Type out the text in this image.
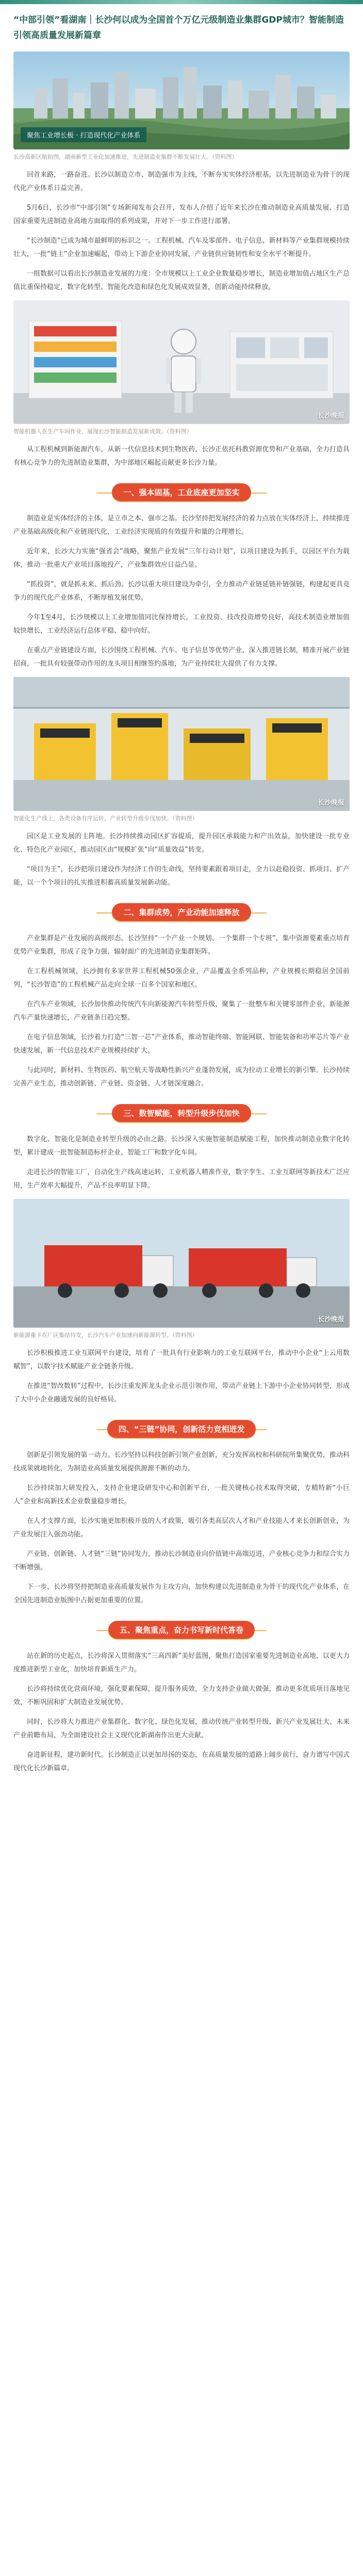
“中部引领”看湖南｜长沙何以成为全国首个万亿元级制造业集群GDP城市？智能制造引领高质量发展新篇章
聚焦工业增长极 · 打造现代化产业体系
长沙高新区航拍图，湖南新型工业化加速推进，先进制造业集群不断发展壮大。（资料图）

回首来路，一路奋进。长沙以制造立市、制造强市为主线，不断夯实实体经济根基，以先进制造业为骨干的现代化产业体系日益完善。

5月6日，长沙市“中部引领”专场新闻发布会召开，发布人介绍了近年来长沙在推动制造业高质量发展、打造国家重要先进制造业高地方面取得的系列成果，并对下一步工作进行部署。

“长沙制造”已成为城市最鲜明的标识之一。工程机械、汽车及零部件、电子信息、新材料等产业集群规模持续壮大，一批“链主”企业加速崛起，带动上下游企业协同发展，产业链供应链韧性和安全水平不断提升。

一组数据可以看出长沙制造业发展的力度：全市规模以上工业企业数量稳步增长，制造业增加值占地区生产总值比重保持稳定，数字化转型、智能化改造和绿色化发展成效显著，创新动能持续释放。

长沙晚报
智能机器人在生产车间作业，展现长沙智能制造发展新成效。（资料图）

从工程机械到新能源汽车，从新一代信息技术到生物医药，长沙正依托科教资源优势和产业基础，全力打造具有核心竞争力的先进制造业集群，为中部地区崛起贡献更多长沙力量。

一、强本固基，工业底座更加坚实

制造业是实体经济的主体，是立市之本、强市之基。长沙坚持把发展经济的着力点放在实体经济上，持续推进产业基础高级化和产业链现代化，工业经济实现质的有效提升和量的合理增长。

近年来，长沙大力实施“强省会”战略，聚焦产业发展“三年行动计划”，以项目建设为抓手，以园区平台为载体，推动一批重大产业项目落地投产，产业集群效应日益凸显。

“抓投资”，就是抓未来、抓后劲。长沙以重大项目建设为牵引，全力推动产业链延链补链强链，构建起更具竞争力的现代化产业体系，不断厚植发展优势。

今年1至4月，长沙规模以上工业增加值同比保持增长，工业投资、技改投资增势良好，高技术制造业增加值较快增长，工业经济运行总体平稳、稳中向好。

在重点产业链建设方面，长沙围绕工程机械、汽车、电子信息等优势产业，深入推进链长制，精准开展产业链招商，一批具有较强带动作用的龙头项目相继签约落地，为产业持续壮大提供了有力支撑。

长沙晚报
智能化生产线上，各类设备有序运转，产业转型升级步伐加快。（资料图）

园区是工业发展的主阵地。长沙持续推动园区扩容提质，提升园区承载能力和产出效益，加快建设一批专业化、特色化产业园区，推动园区由“规模扩张”向“质量效益”转变。

“项目为王”，长沙把项目建设作为经济工作的生命线，坚持要素跟着项目走，全力以赴稳投资、抓项目、扩产能，以一个个项目的扎实推进积蓄高质量发展新动能。

二、集群成势，产业动能加速释放

产业集群是产业发展的高级形态。长沙坚持“一个产业一个规划、一个集群一个专班”，集中资源要素重点培育优势产业集群，形成了竞争力强、辐射面广的先进制造业集群矩阵。

在工程机械领域，长沙拥有多家世界工程机械50强企业，产品覆盖全系列品种，产业规模长期稳居全国前列，“长沙智造”的工程机械产品走向全球一百多个国家和地区。

在汽车产业领域，长沙加快推动传统汽车向新能源汽车转型升级，聚集了一批整车和关键零部件企业，新能源汽车产量快速增长，产业链条日趋完整。

在电子信息领域，长沙着力打造“三智一芯”产业体系，推动智能终端、智能网联、智能装备和功率芯片等产业快速发展，新一代信息技术产业规模持续扩大。

与此同时，新材料、生物医药、航空航天等战略性新兴产业蓬勃发展，成为拉动工业增长的新引擎。长沙持续完善产业生态，推动创新链、产业链、资金链、人才链深度融合。

三、数智赋能，转型升级步伐加快

数字化、智能化是制造业转型升级的必由之路。长沙深入实施智能制造赋能工程，加快推动制造业数字化转型，累计建成一批智能制造标杆企业、智能工厂和数字化车间。

走进长沙的智能工厂，自动化生产线高速运转，工业机器人精准作业，数字孪生、工业互联网等新技术广泛应用，生产效率大幅提升，产品不良率明显下降。

长沙晚报
新能源重卡在厂区集结待发，长沙汽车产业加速向新能源转型。（资料图）

长沙积极推进工业互联网平台建设，培育了一批具有行业影响力的工业互联网平台，推动中小企业“上云用数赋智”，以数字技术赋能产业全链条升级。

在推进“智改数转”过程中，长沙注重发挥龙头企业示范引领作用，带动产业链上下游中小企业协同转型，形成了大中小企业融通发展的良好格局。

四、“三链”协同，创新活力竞相迸发

创新是引领发展的第一动力。长沙坚持以科技创新引领产业创新，充分发挥高校和科研院所集聚优势，推动科技成果就地转化，为制造业高质量发展提供源源不断的动力。

长沙持续加大研发投入，支持企业建设研发中心和创新平台，一批关键核心技术取得突破，专精特新“小巨人”企业和高新技术企业数量稳步增长。

在人才支撑方面，长沙实施更加积极开放的人才政策，吸引各类高层次人才和产业技能人才来长创新创业，为产业发展注入强劲动能。

产业链、创新链、人才链“三链”协同发力，推动长沙制造业向价值链中高端迈进，产业核心竞争力和综合实力不断增强。

下一步，长沙将坚持把制造业高质量发展作为主攻方向，加快构建以先进制造业为骨干的现代化产业体系，在全国先进制造业版图中占据更加重要的位置。

五、聚焦重点，奋力书写新时代答卷

站在新的历史起点，长沙将深入贯彻落实“三高四新”美好蓝图，聚焦打造国家重要先进制造业高地，以更大力度推进新型工业化，加快培育新质生产力。

长沙将持续优化营商环境，强化要素保障，提升服务质效，全力支持企业做大做强，推动更多优质项目落地见效，不断巩固和扩大制造业发展优势。

同时，长沙将大力推进产业集群化、数字化、绿色化发展，推动传统产业转型升级、新兴产业发展壮大、未来产业前瞻布局，为全面建设社会主义现代化新湖南作出更大贡献。

奋进新征程，建功新时代。长沙制造正以更加昂扬的姿态，在高质量发展的道路上阔步前行，奋力谱写中国式现代化长沙新篇章。
